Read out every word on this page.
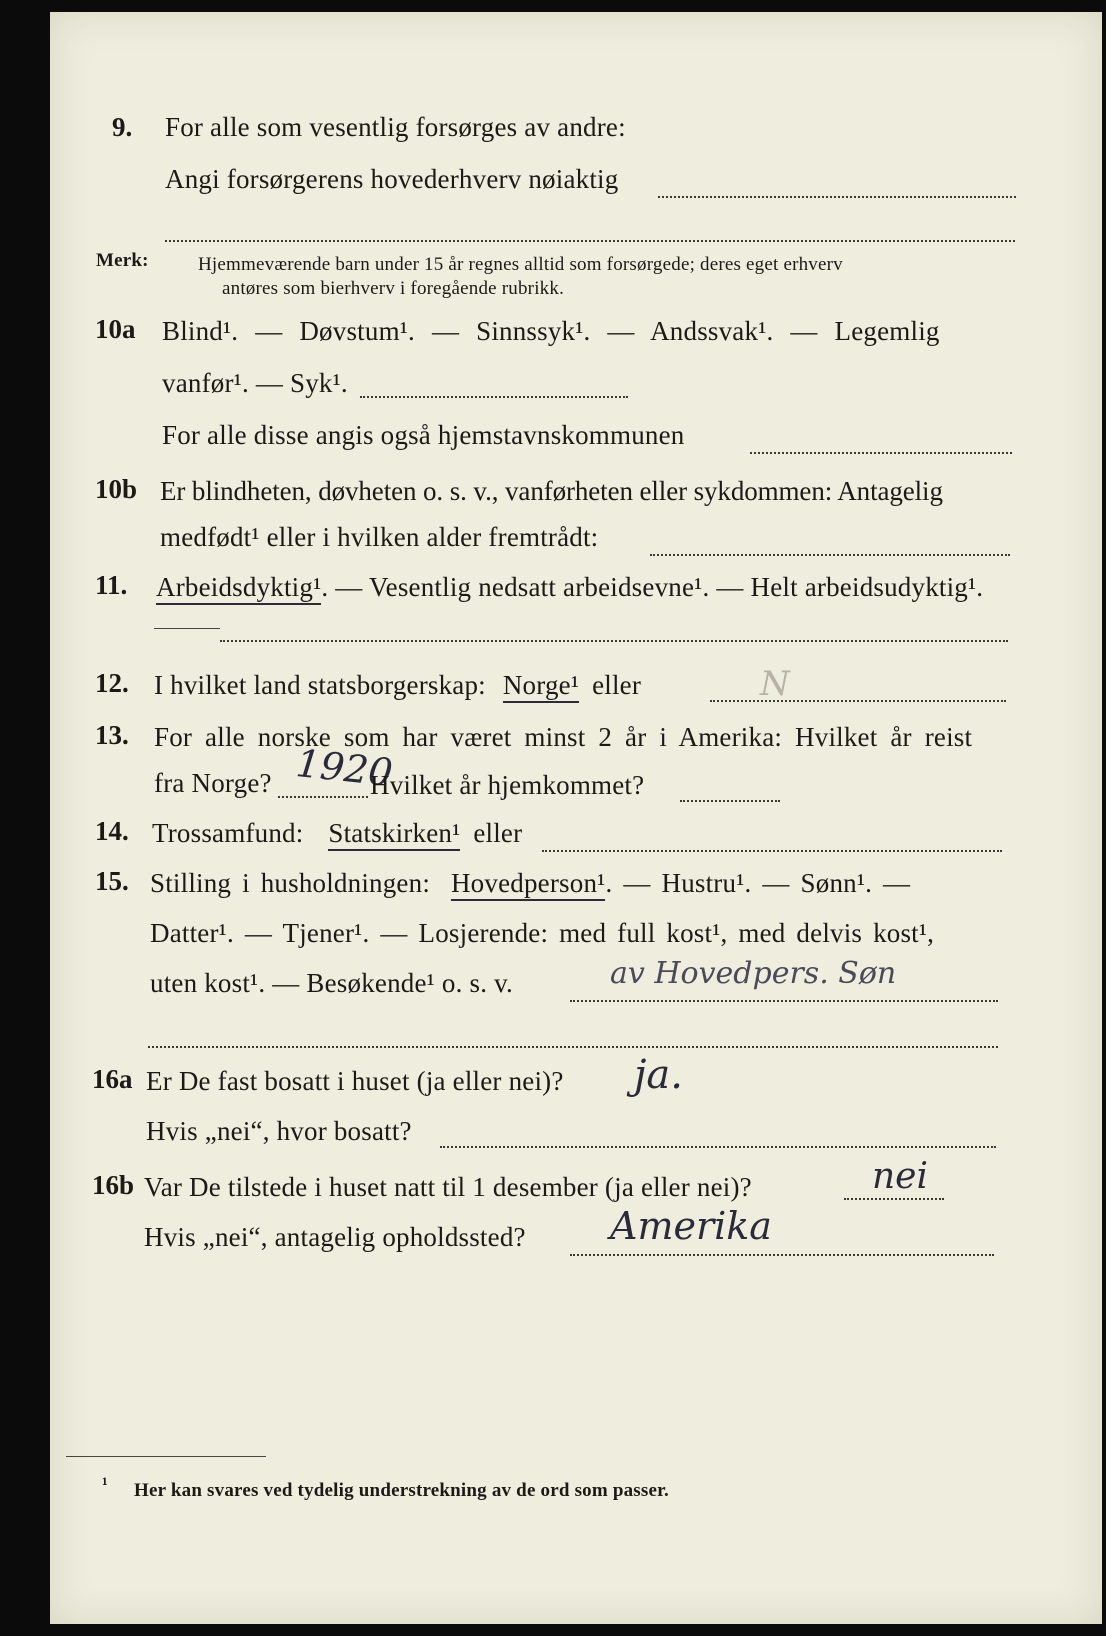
9. For alle som vesentlig forsørges av andre:
Angi forsørgerens hovederhverv nøiaktig
Merk:	Hjemmeværende barn under 15 år regnes alltid som forsørgede; deres eget erhverv
antøres som bierhverv i foregående rubrikk.
10a Blind¹. — Døvstum¹. — Sinnssyk¹. — Andssvak¹. — Legemlig
vanfør¹. — Syk¹.
For alle disse angis også hjemstavnskommunen
10b Er blindheten, døvheten o. s. v., vanførheten eller sykdommen: Antagelig
medfødt¹ eller i hvilken alder fremtrådt:
11. Arbeidsdyktig¹. — Vesentlig nedsatt arbeidsevne¹. — Helt arbeidsudyktig¹.
12. I hvilket land statsborgerskap: Norge¹ eller	N
13. For alle norske som har været minst 2 år i Amerika: Hvilket år reist
fra Norge? 1920
Hvilket år hjemkommet?
14. Trossamfund: Statskirken¹ eller
15. Stilling i husholdningen: Hovedperson¹. — Hustru¹. — Sønn¹. —
Datter¹. — Tjener¹. — Losjerende: med full kost¹, med delvis kost¹,
uten kost¹. — Besøkende¹ o. s. v.	av Hovedpers. Søn
16a Er De fast bosatt i huset (ja eller nei)? ja.
Hvis „nei“, hvor bosatt?
16b Var De tilstede i huset natt til 1 desember (ja eller nei)?	nei
Hvis „nei“, antagelig opholdssted? Amerika
¹ Her kan svares ved tydelig understrekning av de ord som passer.
